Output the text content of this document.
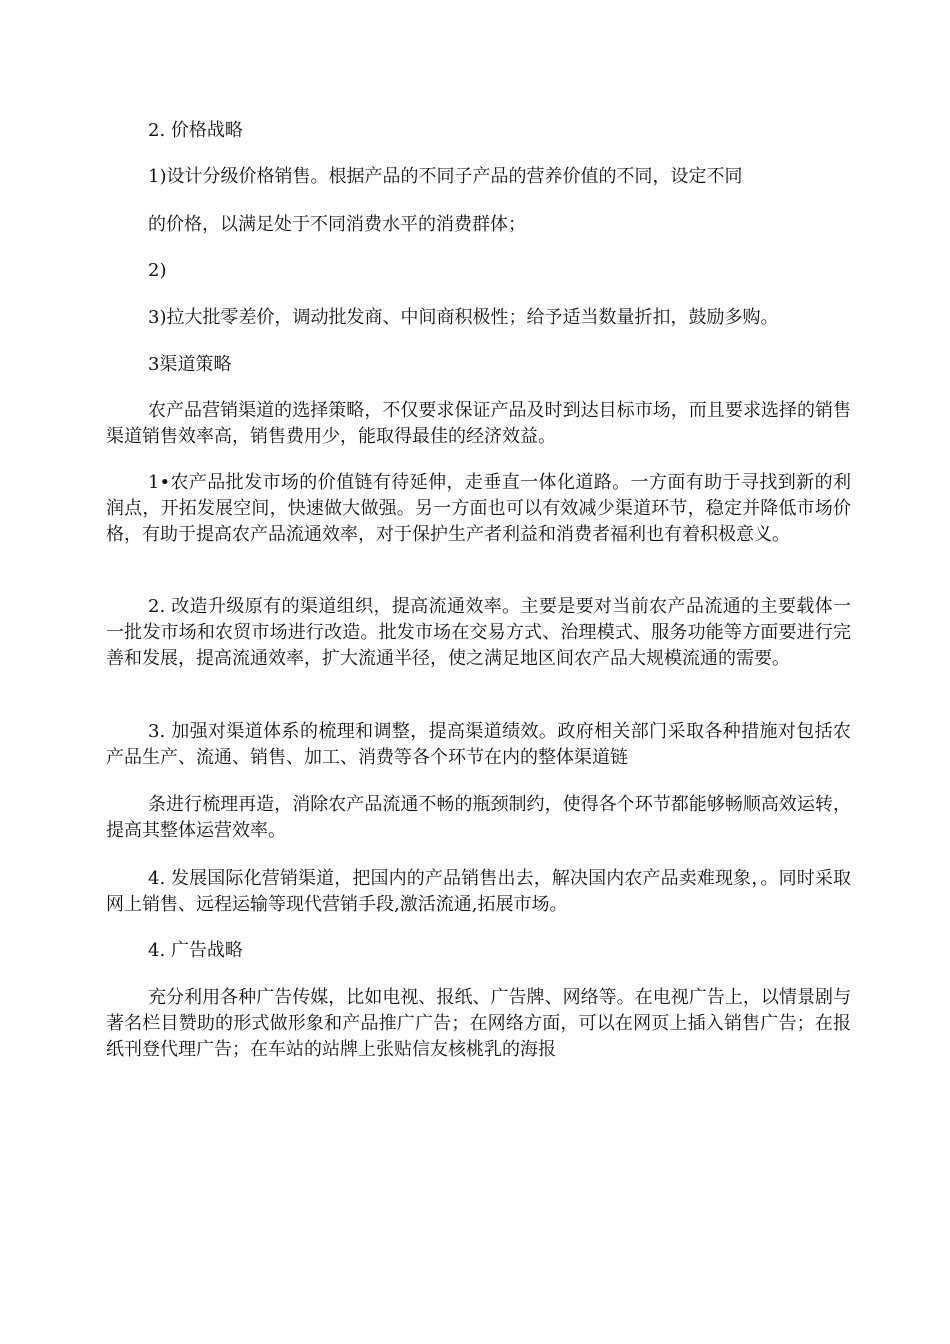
2. 价格战略
1)设计分级价格销售。根据产品的不同子产品的营养价值的不同，设定不同
的价格，以满足处于不同消费水平的消费群体；
2)
3)拉大批零差价，调动批发商、中间商积极性；给予适当数量折扣，鼓励多购。
3渠道策略
农产品营销渠道的选择策略，不仅要求保证产品及时到达目标市场，而且要求选择的销售渠道销售效率高，销售费用少，能取得最佳的经济效益。
1•农产品批发市场的价值链有待延伸，走垂直一体化道路。一方面有助于寻找到新的利润点，开拓发展空间，快速做大做强。另一方面也可以有效减少渠道环节，稳定并降低市场价格，有助于提高农产品流通效率，对于保护生产者利益和消费者福利也有着积极意义。
2. 改造升级原有的渠道组织，提高流通效率。主要是要对当前农产品流通的主要载体一一批发市场和农贸市场进行改造。批发市场在交易方式、治理模式、服务功能等方面要进行完善和发展，提高流通效率，扩大流通半径，使之满足地区间农产品大规模流通的需要。
3. 加强对渠道体系的梳理和调整，提高渠道绩效。政府相关部门采取各种措施对包括农产品生产、流通、销售、加工、消费等各个环节在内的整体渠道链
条进行梳理再造，消除农产品流通不畅的瓶颈制约，使得各个环节都能够畅顺高效运转，提高其整体运营效率。
4. 发展国际化营销渠道，把国内的产品销售出去，解决国内农产品卖难现象，。同时采取网上销售、远程运输等现代营销手段,激活流通,拓展市场。
4. 广告战略
充分利用各种广告传媒，比如电视、报纸、广告牌、网络等。在电视广告上，以情景剧与著名栏目赞助的形式做形象和产品推广广告；在网络方面，可以在网页上插入销售广告；在报纸刊登代理广告；在车站的站牌上张贴信友核桃乳的海报
